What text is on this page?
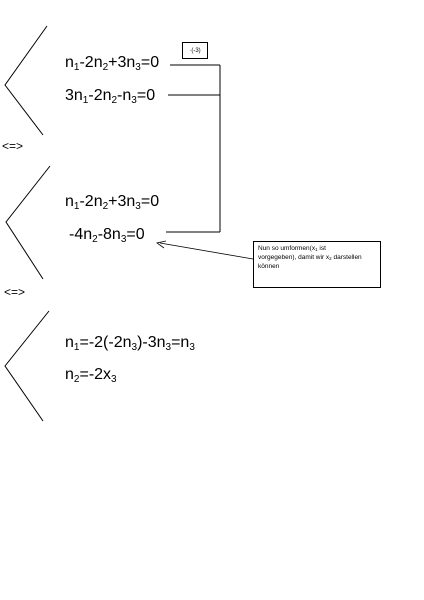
$n_1-2n_2+3n_3=0$
$3n_1-2n_2-n_3=0$
·(-3)
<=>
$n_1-2n_2+3n_3=0$
$-4n_2-8n_3=0$
Nun so $umformen(x_1$ ist
vorgegeben), damit wir $x_2$ darstellen
können
<=>
$n_1=-2(-2n_3)-3n_3=n_3$
$n_2=-2x_3$
